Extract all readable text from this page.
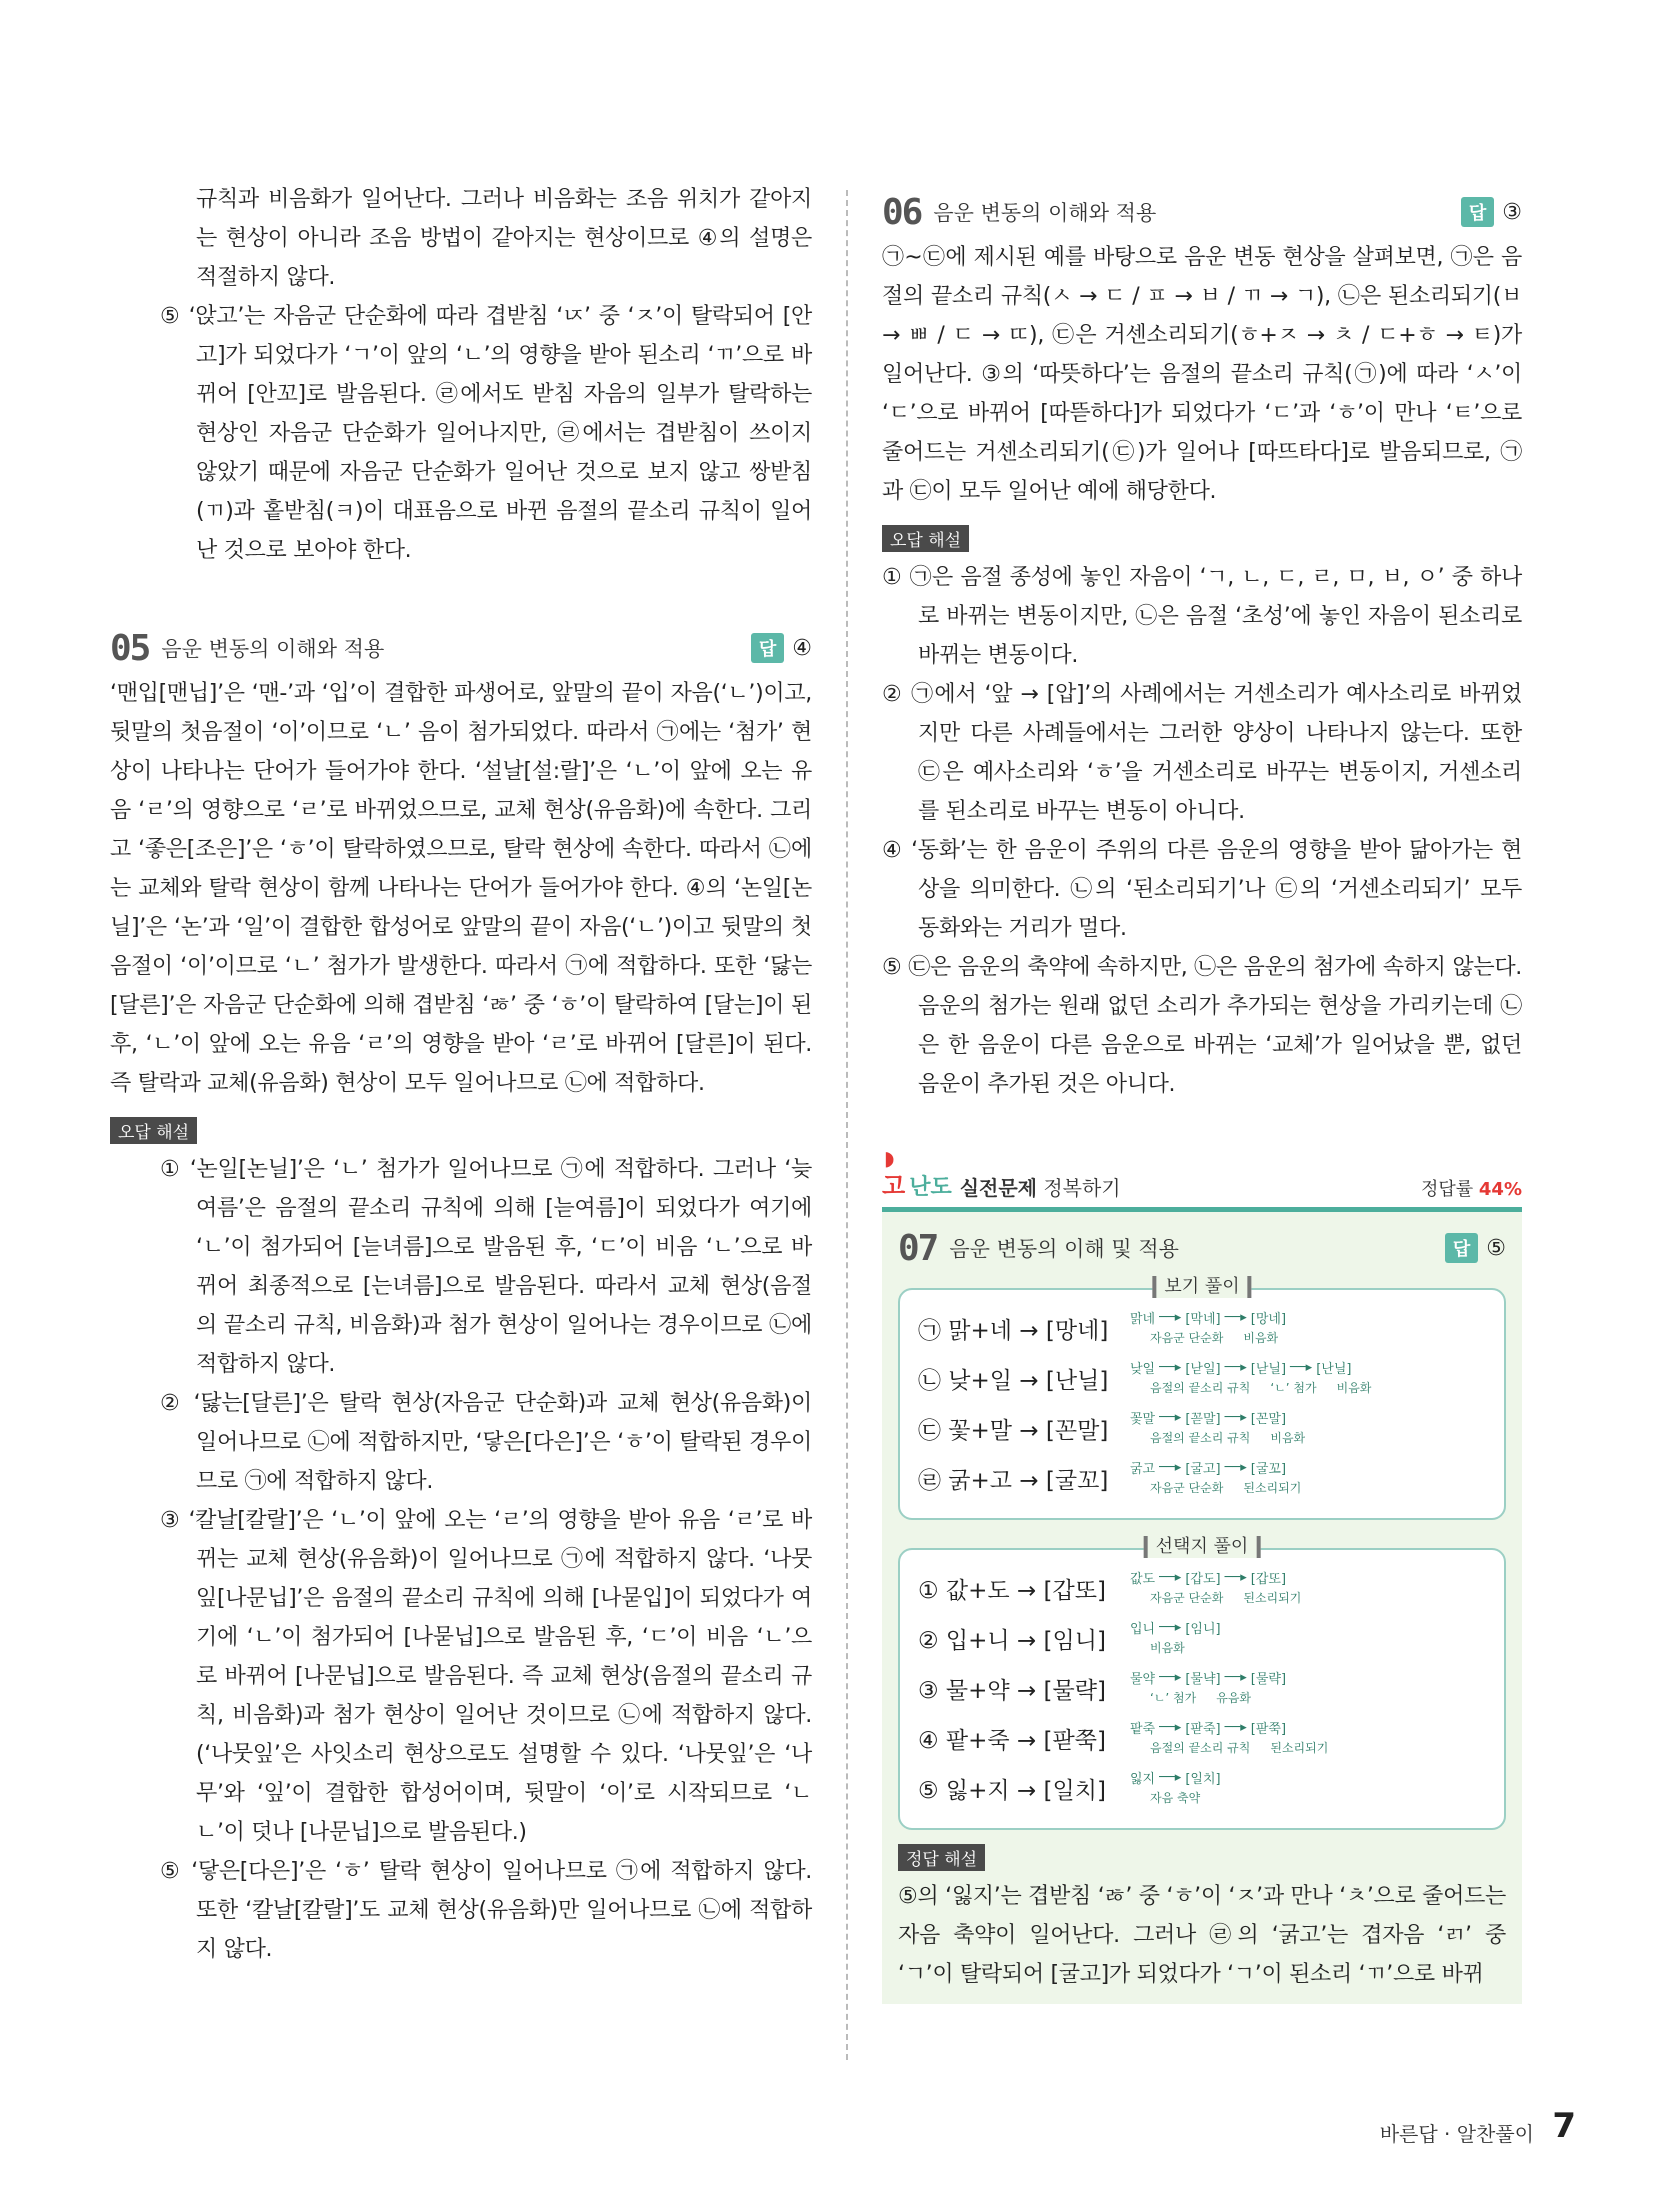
규칙과 비음화가 일어난다. 그러나 비음화는 조음 위치가 같아지는 현상이 아니라 조음 방법이 같아지는 현상이므로 ④의 설명은 적절하지 않다.

⑤ ‘앉고’는 자음군 단순화에 따라 겹받침 ‘ㄵ’ 중 ‘ㅈ’이 탈락되어 [안고]가 되었다가 ‘ㄱ’이 앞의 ‘ㄴ’의 영향을 받아 된소리 ‘ㄲ’으로 바뀌어 [안꼬]로 발음된다. ㉣에서도 받침 자음의 일부가 탈락하는 현상인 자음군 단순화가 일어나지만, ㉣에서는 겹받침이 쓰이지 않았기 때문에 자음군 단순화가 일어난 것으로 보지 않고 쌍받침(ㄲ)과 홑받침(ㅋ)이 대표음으로 바뀐 음절의 끝소리 규칙이 일어난 것으로 보아야 한다.

05 음운 변동의 이해와 적용	답 ④

‘맨입[맨닙]’은 ‘맨-’과 ‘입’이 결합한 파생어로, 앞말의 끝이 자음(‘ㄴ’)이고, 뒷말의 첫음절이 ‘이’이므로 ‘ㄴ’ 음이 첨가되었다. 따라서 ㉠에는 ‘첨가’ 현상이 나타나는 단어가 들어가야 한다. ‘설날[설:랄]’은 ‘ㄴ’이 앞에 오는 유음 ‘ㄹ’의 영향으로 ‘ㄹ’로 바뀌었으므로, 교체 현상(유음화)에 속한다. 그리고 ‘좋은[조은]’은 ‘ㅎ’이 탈락하였으므로, 탈락 현상에 속한다. 따라서 ㉡에는 교체와 탈락 현상이 함께 나타나는 단어가 들어가야 한다. ④의 ‘논일[논닐]’은 ‘논’과 ‘일’이 결합한 합성어로 앞말의 끝이 자음(‘ㄴ’)이고 뒷말의 첫음절이 ‘이’이므로 ‘ㄴ’ 첨가가 발생한다. 따라서 ㉠에 적합하다. 또한 ‘닳는[달른]’은 자음군 단순화에 의해 겹받침 ‘ㅀ’ 중 ‘ㅎ’이 탈락하여 [달는]이 된 후, ‘ㄴ’이 앞에 오는 유음 ‘ㄹ’의 영향을 받아 ‘ㄹ’로 바뀌어 [달른]이 된다. 즉 탈락과 교체(유음화) 현상이 모두 일어나므로 ㉡에 적합하다.

오답 해설

① ‘논일[논닐]’은 ‘ㄴ’ 첨가가 일어나므로 ㉠에 적합하다. 그러나 ‘늦여름’은 음절의 끝소리 규칙에 의해 [늗여름]이 되었다가 여기에 ‘ㄴ’이 첨가되어 [늗녀름]으로 발음된 후, ‘ㄷ’이 비음 ‘ㄴ’으로 바뀌어 최종적으로 [는녀름]으로 발음된다. 따라서 교체 현상(음절의 끝소리 규칙, 비음화)과 첨가 현상이 일어나는 경우이므로 ㉡에 적합하지 않다.

② ‘닳는[달른]’은 탈락 현상(자음군 단순화)과 교체 현상(유음화)이 일어나므로 ㉡에 적합하지만, ‘닿은[다은]’은 ‘ㅎ’이 탈락된 경우이므로 ㉠에 적합하지 않다.

③ ‘칼날[칼랄]’은 ‘ㄴ’이 앞에 오는 ‘ㄹ’의 영향을 받아 유음 ‘ㄹ’로 바뀌는 교체 현상(유음화)이 일어나므로 ㉠에 적합하지 않다. ‘나뭇잎[나문닙]’은 음절의 끝소리 규칙에 의해 [나묻입]이 되었다가 여기에 ‘ㄴ’이 첨가되어 [나묻닙]으로 발음된 후, ‘ㄷ’이 비음 ‘ㄴ’으로 바뀌어 [나문닙]으로 발음된다. 즉 교체 현상(음절의 끝소리 규칙, 비음화)과 첨가 현상이 일어난 것이므로 ㉡에 적합하지 않다. (‘나뭇잎’은 사잇소리 현상으로도 설명할 수 있다. ‘나뭇잎’은 ‘나무’와 ‘잎’이 결합한 합성어이며, 뒷말이 ‘이’로 시작되므로 ‘ㄴㄴ’이 덧나 [나문닙]으로 발음된다.)

⑤ ‘닿은[다은]’은 ‘ㅎ’ 탈락 현상이 일어나므로 ㉠에 적합하지 않다. 또한 ‘칼날[칼랄]’도 교체 현상(유음화)만 일어나므로 ㉡에 적합하지 않다.

06 음운 변동의 이해와 적용	답 ③

㉠~㉢에 제시된 예를 바탕으로 음운 변동 현상을 살펴보면, ㉠은 음절의 끝소리 규칙(ㅅ → ㄷ / ㅍ → ㅂ / ㄲ → ㄱ), ㉡은 된소리되기(ㅂ → ㅃ / ㄷ → ㄸ), ㉢은 거센소리되기(ㅎ+ㅈ → ㅊ / ㄷ+ㅎ → ㅌ)가 일어난다. ③의 ‘따뜻하다’는 음절의 끝소리 규칙(㉠)에 따라 ‘ㅅ’이 ‘ㄷ’으로 바뀌어 [따뜯하다]가 되었다가 ‘ㄷ’과 ‘ㅎ’이 만나 ‘ㅌ’으로 줄어드는 거센소리되기(㉢)가 일어나 [따뜨타다]로 발음되므로, ㉠과 ㉢이 모두 일어난 예에 해당한다.

오답 해설

① ㉠은 음절 종성에 놓인 자음이 ‘ㄱ, ㄴ, ㄷ, ㄹ, ㅁ, ㅂ, ㅇ’ 중 하나로 바뀌는 변동이지만, ㉡은 음절 ‘초성’에 놓인 자음이 된소리로 바뀌는 변동이다.

② ㉠에서 ‘앞 → [압]’의 사례에서는 거센소리가 예사소리로 바뀌었지만 다른 사례들에서는 그러한 양상이 나타나지 않는다. 또한 ㉢은 예사소리와 ‘ㅎ’을 거센소리로 바꾸는 변동이지, 거센소리를 된소리로 바꾸는 변동이 아니다.

④ ‘동화’는 한 음운이 주위의 다른 음운의 영향을 받아 닮아가는 현상을 의미한다. ㉡의 ‘된소리되기’나 ㉢의 ‘거센소리되기’ 모두 동화와는 거리가 멀다.

⑤ ㉢은 음운의 축약에 속하지만, ㉡은 음운의 첨가에 속하지 않는다. 음운의 첨가는 원래 없던 소리가 추가되는 현상을 가리키는데 ㉡은 한 음운이 다른 음운으로 바뀌는 ‘교체’가 일어났을 뿐, 없던 음운이 추가된 것은 아니다.

◗
고 난도 실전문제 정복하기	정답률 44%
07 음운 변동의 이해 및 적용	답 ⑤
보기 풀이
㉠ 맑+네 → [망네]	맑네 ──▸ [막네] ──▸ [망네]
자음군 단순화 비음화
㉡ 낮+일 → [난닐]	낮일 ──▸ [낟일] ──▸ [낟닐] ──▸ [난닐]
음절의 끝소리 규칙 ‘ㄴ’ 첨가 비음화
㉢ 꽃+말 → [꼰말]	꽃말 ──▸ [꼳말] ──▸ [꼰말]
음절의 끝소리 규칙 비음화
㉣ 굵+고 → [굴꼬]	굵고 ──▸ [굴고] ──▸ [굴꼬]
자음군 단순화 된소리되기
선택지 풀이
① 값+도 → [갑또]	값도 ──▸ [갑도] ──▸ [갑또]
자음군 단순화 된소리되기
② 입+니 → [임니]	입니 ──▸ [임니]
비음화
③ 물+약 → [물략]	물약 ──▸ [물냑] ──▸ [물략]
‘ㄴ’ 첨가 유음화
④ 팥+죽 → [팓쭉]	팥죽 ──▸ [팓죽] ──▸ [팓쭉]
음절의 끝소리 규칙 된소리되기
⑤ 잃+지 → [일치]	잃지 ──▸ [일치]
자음 축약
정답 해설

⑤의 ‘잃지’는 겹받침 ‘ㅀ’ 중 ‘ㅎ’이 ‘ㅈ’과 만나 ‘ㅊ’으로 줄어드는 자음 축약이 일어난다. 그러나 ㉣의 ‘굵고’는 겹자음 ‘ㄺ’ 중 ‘ㄱ’이 탈락되어 [굴고]가 되었다가 ‘ㄱ’이 된소리 ‘ㄲ’으로 바뀌

바른답 · 알찬풀이 7
